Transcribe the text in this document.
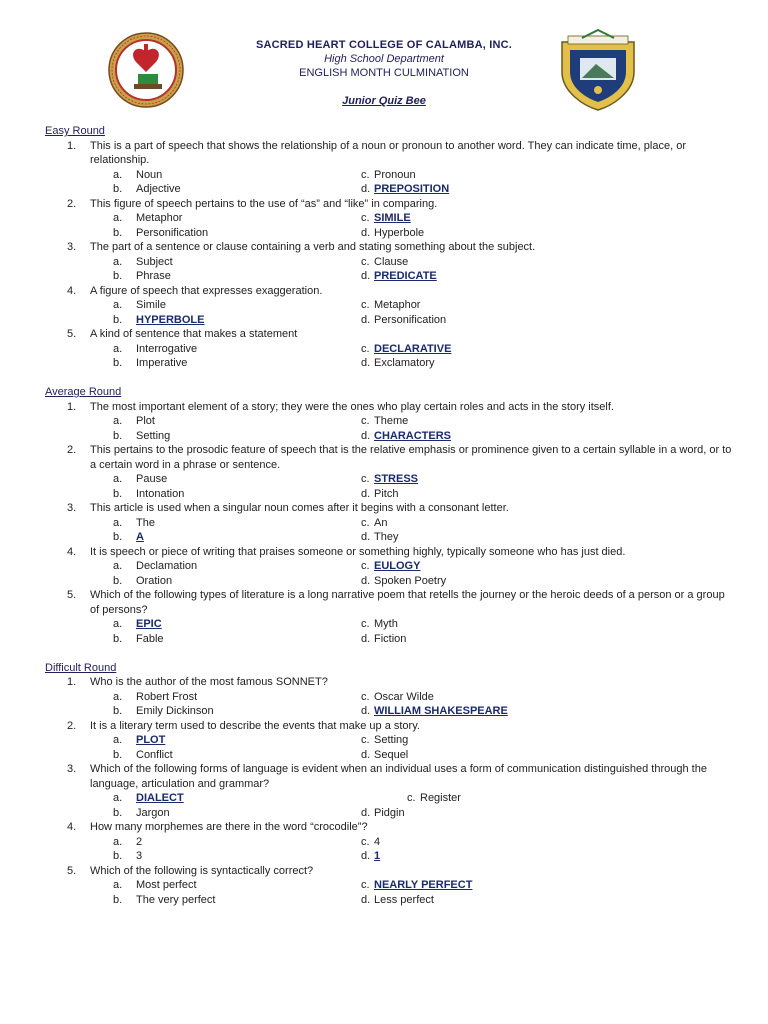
SACRED HEART COLLEGE OF CALAMBA, INC.
High School Department
ENGLISH MONTH CULMINATION
Junior Quiz Bee
Easy Round
1. This is a part of speech that shows the relationship of a noun or pronoun to another word. They can indicate time, place, or relationship.
a. Noun	c. Pronoun
b. Adjective	d. PREPOSITION
2. This figure of speech pertains to the use of “as” and “like” in comparing.
a. Metaphor	c. SIMILE
b. Personification	d. Hyperbole
3. The part of a sentence or clause containing a verb and stating something about the subject.
a. Subject	c. Clause
b. Phrase	d. PREDICATE
4. A figure of speech that expresses exaggeration.
a. Simile	c. Metaphor
b. HYPERBOLE	d. Personification
5. A kind of sentence that makes a statement
a. Interrogative	c. DECLARATIVE
b. Imperative	d. Exclamatory
Average Round
1. The most important element of a story; they were the ones who play certain roles and acts in the story itself.
a. Plot	c. Theme
b. Setting	d. CHARACTERS
2. This pertains to the prosodic feature of speech that is the relative emphasis or prominence given to a certain syllable in a word, or to a certain word in a phrase or sentence.
a. Pause	c. STRESS
b. Intonation	d. Pitch
3. This article is used when a singular noun comes after it begins with a consonant letter.
a. The	c. An
b. A	d. They
4. It is speech or piece of writing that praises someone or something highly, typically someone who has just died.
a. Declamation	c. EULOGY
b. Oration	d. Spoken Poetry
5. Which of the following types of literature is a long narrative poem that retells the journey or the heroic deeds of a person or a group of persons?
a. EPIC	c. Myth
b. Fable	d. Fiction
Difficult Round
1. Who is the author of the most famous SONNET?
a. Robert Frost	c. Oscar Wilde
b. Emily Dickinson	d. WILLIAM SHAKESPEARE
2. It is a literary term used to describe the events that make up a story.
a. PLOT	c. Setting
b. Conflict	d. Sequel
3. Which of the following forms of language is evident when an individual uses a form of communication distinguished through the language, articulation and grammar?
a. DIALECT	c. Register
b. Jargon	d. Pidgin
4. How many morphemes are there in the word “crocodile”?
a. 2	c. 4
b. 3	d. 1
5. Which of the following is syntactically correct?
a. Most perfect	c. NEARLY PERFECT
b. The very perfect	d. Less perfect
